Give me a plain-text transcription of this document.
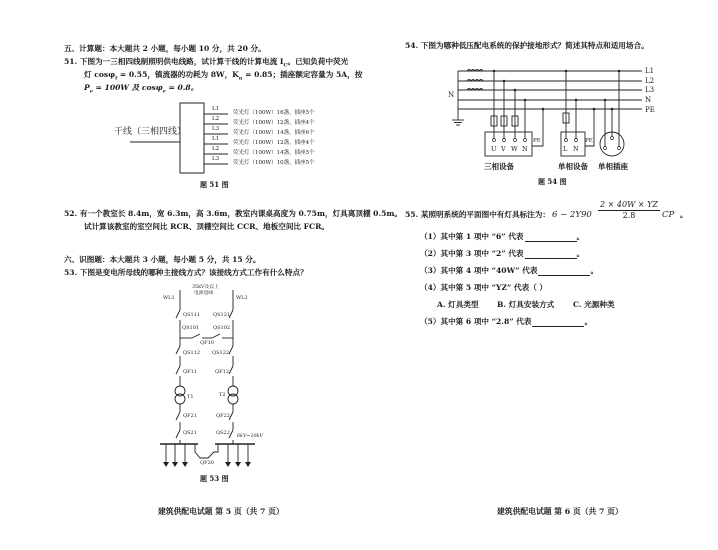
五、计算题：本大题共 2 小题，每小题 10 分，共 20 分。
51. 下图为一三相四线制照明供电线路，试计算干线的计算电流 $I_C$。已知负荷中荧光
灯 cosφ$_f$ = 0.55，镇流器的功耗为 8W，$K_n = 0.85$；插座额定容量为 5A，按
$P_e = 100W$ 及 cosφ$_e$ = 0.8。
干线（三相四线）
L1
L2
L3
L1
L2
L3
荧光灯（100W）16盏，插座5个
荧光灯（100W）12盏，插座4个
荧光灯（100W）14盏，插座6个
荧光灯（100W）12盏，插座4个
荧光灯（100W）14盏，插座5个
荧光灯（100W）10盏，插座5个
题 51 图
52. 有一个教室长 8.4m，宽 6.3m，高 3.6m，教室内课桌高度为 0.75m，灯具离顶棚 0.5m。
试计算该教室的室空间比 RCR、顶棚空间比 CCR、地板空间比 FCR。
六、识图题：本大题共 3 小题，每小题 5 分，共 15 分。
53. 下图是变电所母线的哪种主接线方式？该接线方式工作有什么特点？
35kV及以上
电源进线
WL1	WL2
QS111	QS121
QS101	QS102
QF10
QS112 QS122
QF11	QF12
T1	T2
QF21	QF22
QS21	QS22
6kV~10kV
QF20
题 53 图
建筑供配电试题 第 5 页（共 7 页）
54. 下图为哪种低压配电系统的保护接地形式？简述其特点和适用场合。
L1
L2
L3
N
PE
N
U V W N
PE
L N
PE
三相设备	单相设备 单相插座
题 54 图
55. 某照明系统的平面图中有灯具标注为： $6 - 2Y90 \frac{2 \times 40W \times YZ}{2.8}$ CP 。
（1）其中第 1 项中 “6” 代表	。
（2）其中第 3 项中 “2” 代表	。
（3）其中第 4 项中 “40W” 代表	。
（4）其中第 5 项中 “YZ” 代表（ ）
A. 灯具类型 B. 灯具安装方式 C. 光源种类
（5）其中第 6 项中 “2.8” 代表	。
建筑供配电试题 第 6 页（共 7 页）
